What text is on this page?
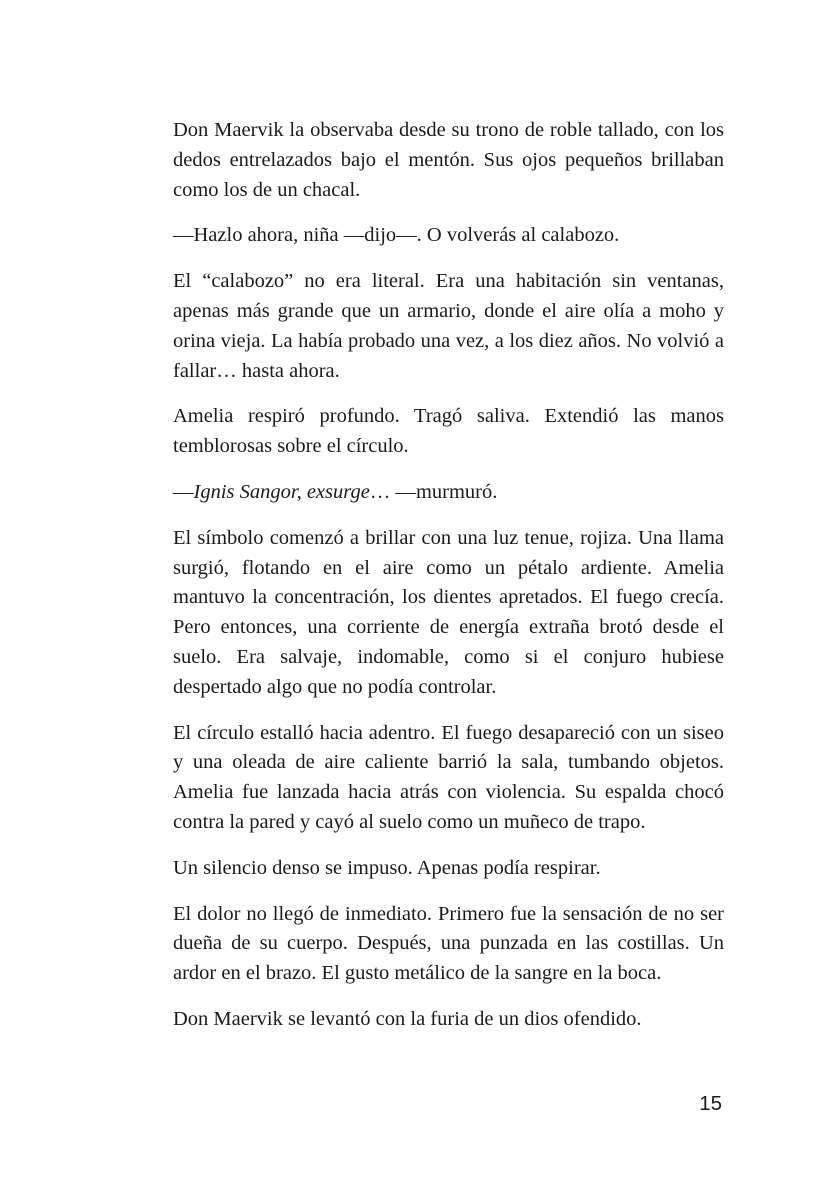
Don Maervik la observaba desde su trono de roble tallado, con los dedos entrelazados bajo el mentón. Sus ojos pequeños brillaban como los de un chacal.

—Hazlo ahora, niña —dijo—. O volverás al calabozo.

El “calabozo” no era literal. Era una habitación sin ventanas, apenas más grande que un armario, donde el aire olía a moho y orina vieja. La había probado una vez, a los diez años. No volvió a fallar… hasta ahora.

Amelia respiró profundo. Tragó saliva. Extendió las manos temblorosas sobre el círculo.

—Ignis Sangor, exsurge… —murmuró.

El símbolo comenzó a brillar con una luz tenue, rojiza. Una llama surgió, flotando en el aire como un pétalo ardiente. Amelia mantuvo la concentración, los dientes apretados. El fuego crecía. Pero entonces, una corriente de energía extraña brotó desde el suelo. Era salvaje, indomable, como si el conjuro hubiese despertado algo que no podía controlar.

El círculo estalló hacia adentro. El fuego desapareció con un siseo y una oleada de aire caliente barrió la sala, tumbando objetos. Amelia fue lanzada hacia atrás con violencia. Su espalda chocó contra la pared y cayó al suelo como un muñeco de trapo.

Un silencio denso se impuso. Apenas podía respirar.

El dolor no llegó de inmediato. Primero fue la sensación de no ser dueña de su cuerpo. Después, una punzada en las costillas. Un ardor en el brazo. El gusto metálico de la sangre en la boca.

Don Maervik se levantó con la furia de un dios ofendido.

15
